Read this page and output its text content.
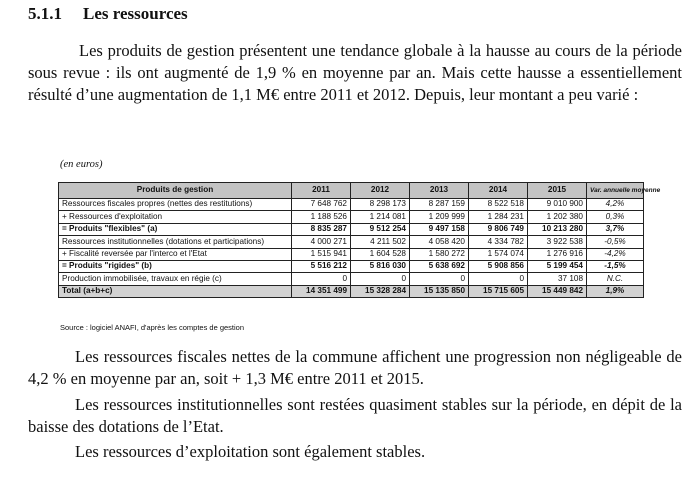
5.1.1 Les ressources
Les produits de gestion présentent une tendance globale à la hausse au cours de la période sous revue : ils ont augmenté de 1,9 % en moyenne par an. Mais cette hausse a essentiellement résulté d’une augmentation de 1,1 M€ entre 2011 et 2012. Depuis, leur montant a peu varié :
(en euros)
Produits de gestion	2011	2012	2013	2014	2015	Var. annuelle moyenne
Ressources fiscales propres (nettes des restitutions)	7 648 762	8 298 173	8 287 159	8 522 518	9 010 900	4,2%
+ Ressources d'exploitation	1 188 526	1 214 081	1 209 999	1 284 231	1 202 380	0,3%
= Produits "flexibles" (a)	8 835 287	9 512 254	9 497 158	9 806 749	10 213 280	3,7%
Ressources institutionnelles (dotations et participations)	4 000 271	4 211 502	4 058 420	4 334 782	3 922 538	-0,5%
+ Fiscalité reversée par l'interco et l'Etat	1 515 941	1 604 528	1 580 272	1 574 074	1 276 916	-4,2%
= Produits "rigides" (b)	5 516 212	5 816 030	5 638 692	5 908 856	5 199 454	-1,5%
Production immobilisée, travaux en régie (c)	0	0	0	0	37 108	N.C.
Total (a+b+c)	14 351 499	15 328 284	15 135 850	15 715 605	15 449 842	1,9%
Source : logiciel ANAFI, d'après les comptes de gestion
Les ressources fiscales nettes de la commune affichent une progression non négligeable de 4,2 % en moyenne par an, soit + 1,3 M€ entre 2011 et 2015.
Les ressources institutionnelles sont restées quasiment stables sur la période, en dépit de la baisse des dotations de l’Etat.
Les ressources d’exploitation sont également stables.
